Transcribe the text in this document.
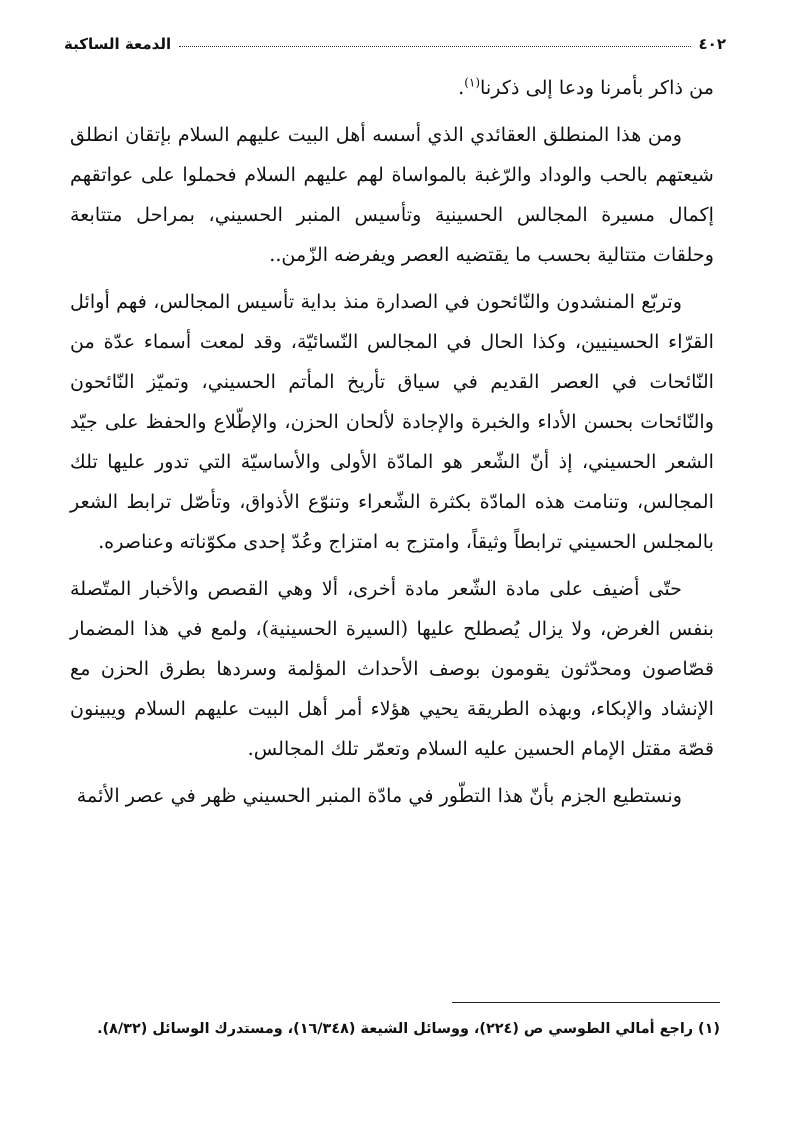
٤٠٢
الدمعة الساكبة

من ذاكر بأمرنا ودعا إلى ذكرنا$^{(١)}$.

ومن هذا المنطلق العقائدي الذي أسسه أهل البيت عليهم السلام بإتقان انطلق شيعتهم بالحب والوداد والرّغبة بالمواساة لهم عليهم السلام فحملوا على عواتقهم إكمال مسيرة المجالس الحسينية وتأسيس المنبر الحسيني، بمراحل متتابعة وحلقات متتالية بحسب ما يقتضيه العصر ويفرضه الزّمن..

وتربّع المنشدون والنّائحون في الصدارة منذ بداية تأسيس المجالس، فهم أوائل القرّاء الحسينيين، وكذا الحال في المجالس النّسائيّة، وقد لمعت أسماء عدّة من النّائحات في العصر القديم في سياق تأريخ المأتم الحسيني، وتميّز النّائحون والنّائحات بحسن الأداء والخبرة والإجادة لألحان الحزن، والإطّلاع والحفظ على جيّد الشعر الحسيني، إذ أنّ الشّعر هو المادّة الأولى والأساسيّة التي تدور عليها تلك المجالس، وتنامت هذه المادّة بكثرة الشّعراء وتنوّع الأذواق، وتأصّل ترابط الشعر بالمجلس الحسيني ترابطاً وثيقاً، وامتزج به امتزاج وعُدّ إحدى مكوّناته وعناصره.

حتّى أضيف على مادة الشّعر مادة أخرى، ألا وهي القصص والأخبار المتّصلة بنفس الغرض، ولا يزال يُصطلح عليها (السيرة الحسينية)، ولمع في هذا المضمار قصّاصون ومحدّثون يقومون بوصف الأحداث المؤلمة وسردها بطرق الحزن مع الإنشاد والإبكاء، وبهذه الطريقة يحيي هؤلاء أمر أهل البيت عليهم السلام ويبينون قصّة مقتل الإمام الحسين عليه السلام وتعمّر تلك المجالس.

ونستطيع الجزم بأنّ هذا التطّور في مادّة المنبر الحسيني ظهر في عصر الأئمة

(١) راجع أمالي الطوسي ص (٢٢٤)، ووسائل الشيعة (١٦/٣٤٨)، ومستدرك الوسائل (٨/٣٢).
